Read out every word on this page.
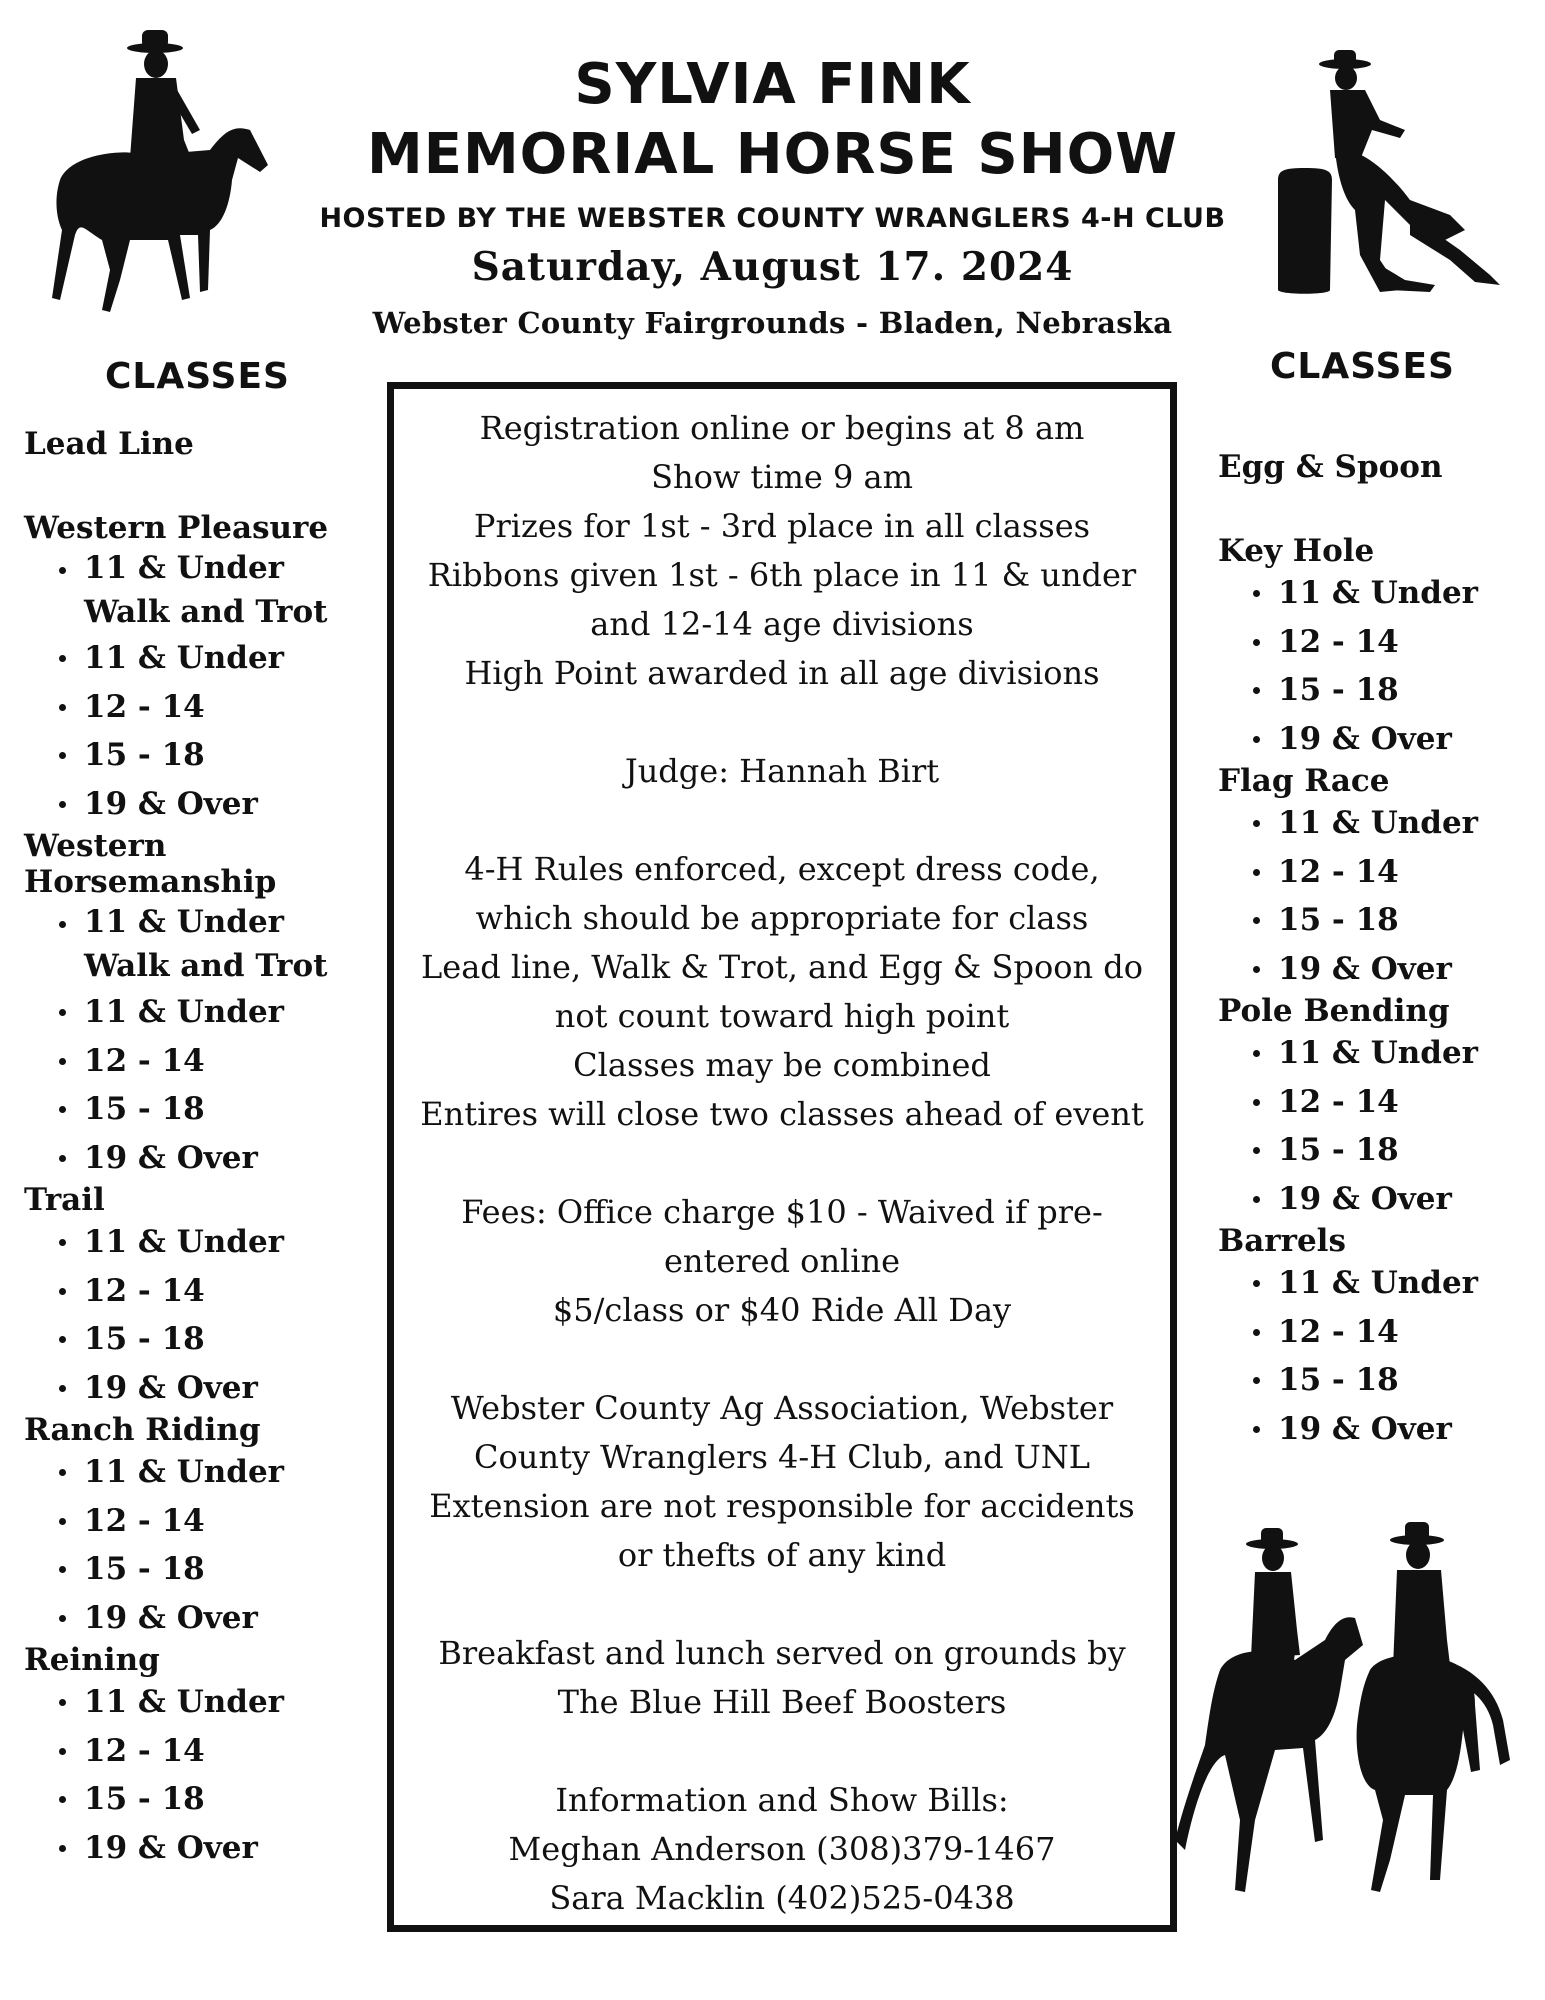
SYLVIA FINK
MEMORIAL HORSE SHOW
HOSTED BY THE WEBSTER COUNTY WRANGLERS 4-H CLUB
Saturday, August 17. 2024
Webster County Fairgrounds - Bladen, Nebraska
CLASSES	CLASSES
Lead Line
Western Pleasure
11 & Under
Walk and Trot
11 & Under
12 - 14
15 - 18
19 & Over
Western
Horsemanship
11 & Under
Walk and Trot
11 & Under
12 - 14
15 - 18
19 & Over
Trail
11 & Under
12 - 14
15 - 18
19 & Over
Ranch Riding
11 & Under
12 - 14
15 - 18
19 & Over
Reining
11 & Under
12 - 14
15 - 18
19 & Over
Egg & Spoon
Key Hole
11 & Under
12 - 14
15 - 18
19 & Over
Flag Race
11 & Under
12 - 14
15 - 18
19 & Over
Pole Bending
11 & Under
12 - 14
15 - 18
19 & Over
Barrels
11 & Under
12 - 14
15 - 18
19 & Over
Registration online or begins at 8 am
Show time 9 am
Prizes for 1st - 3rd place in all classes
Ribbons given 1st - 6th place in 11 & under
and 12-14 age divisions
High Point awarded in all age divisions
Judge: Hannah Birt
4-H Rules enforced, except dress code,
which should be appropriate for class
Lead line, Walk & Trot, and Egg & Spoon do
not count toward high point
Classes may be combined
Entires will close two classes ahead of event
Fees: Office charge $10 - Waived if pre-
entered online
$5/class or $40 Ride All Day
Webster County Ag Association, Webster
County Wranglers 4-H Club, and UNL
Extension are not responsible for accidents
or thefts of any kind
Breakfast and lunch served on grounds by
The Blue Hill Beef Boosters
Information and Show Bills:
Meghan Anderson (308)379-1467
Sara Macklin (402)525-0438
